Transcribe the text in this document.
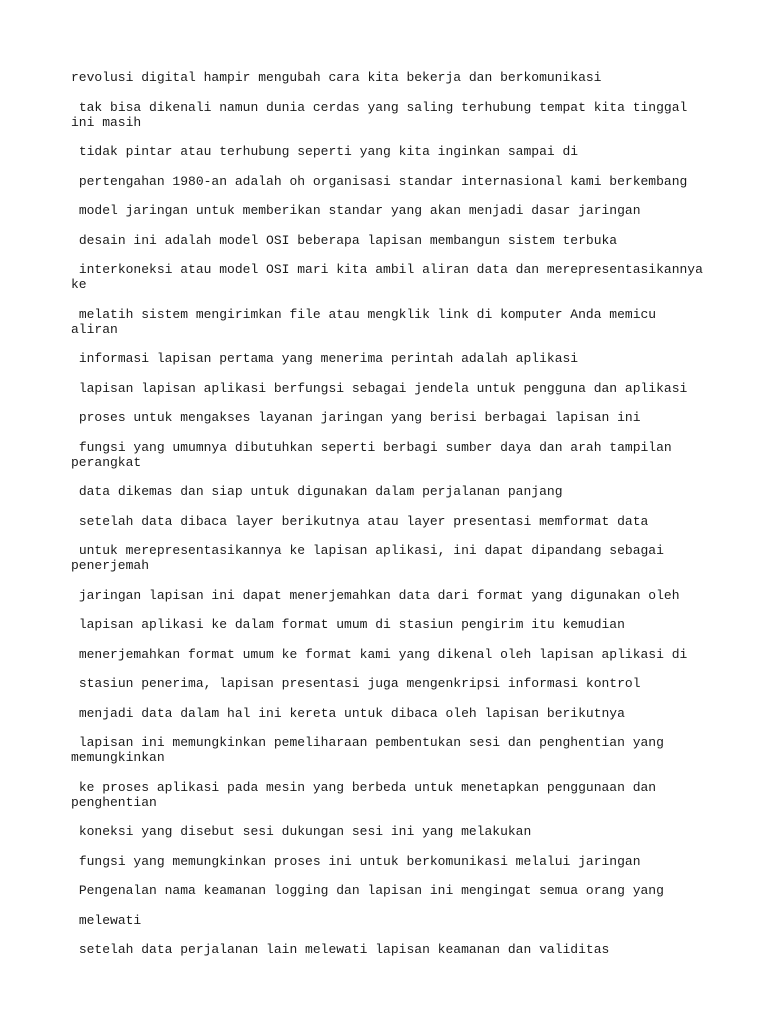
revolusi digital hampir mengubah cara kita bekerja dan berkomunikasi

tak bisa dikenali namun dunia cerdas yang saling terhubung tempat kita tinggal ini masih

tidak pintar atau terhubung seperti yang kita inginkan sampai di

pertengahan 1980-an adalah oh organisasi standar internasional kami berkembang

model jaringan untuk memberikan standar yang akan menjadi dasar jaringan

desain ini adalah model OSI beberapa lapisan membangun sistem terbuka

interkoneksi atau model OSI mari kita ambil aliran data dan merepresentasikannya ke

melatih sistem mengirimkan file atau mengklik link di komputer Anda memicu aliran

informasi lapisan pertama yang menerima perintah adalah aplikasi

lapisan lapisan aplikasi berfungsi sebagai jendela untuk pengguna dan aplikasi

proses untuk mengakses layanan jaringan yang berisi berbagai lapisan ini

fungsi yang umumnya dibutuhkan seperti berbagi sumber daya dan arah tampilan perangkat

data dikemas dan siap untuk digunakan dalam perjalanan panjang

setelah data dibaca layer berikutnya atau layer presentasi memformat data

untuk merepresentasikannya ke lapisan aplikasi, ini dapat dipandang sebagai penerjemah

jaringan lapisan ini dapat menerjemahkan data dari format yang digunakan oleh

lapisan aplikasi ke dalam format umum di stasiun pengirim itu kemudian

menerjemahkan format umum ke format kami yang dikenal oleh lapisan aplikasi di

stasiun penerima, lapisan presentasi juga mengenkripsi informasi kontrol

menjadi data dalam hal ini kereta untuk dibaca oleh lapisan berikutnya

lapisan ini memungkinkan pemeliharaan pembentukan sesi dan penghentian yang memungkinkan

ke proses aplikasi pada mesin yang berbeda untuk menetapkan penggunaan dan penghentian

koneksi yang disebut sesi dukungan sesi ini yang melakukan

fungsi yang memungkinkan proses ini untuk berkomunikasi melalui jaringan

Pengenalan nama keamanan logging dan lapisan ini mengingat semua orang yang

melewati

setelah data perjalanan lain melewati lapisan keamanan dan validitas
